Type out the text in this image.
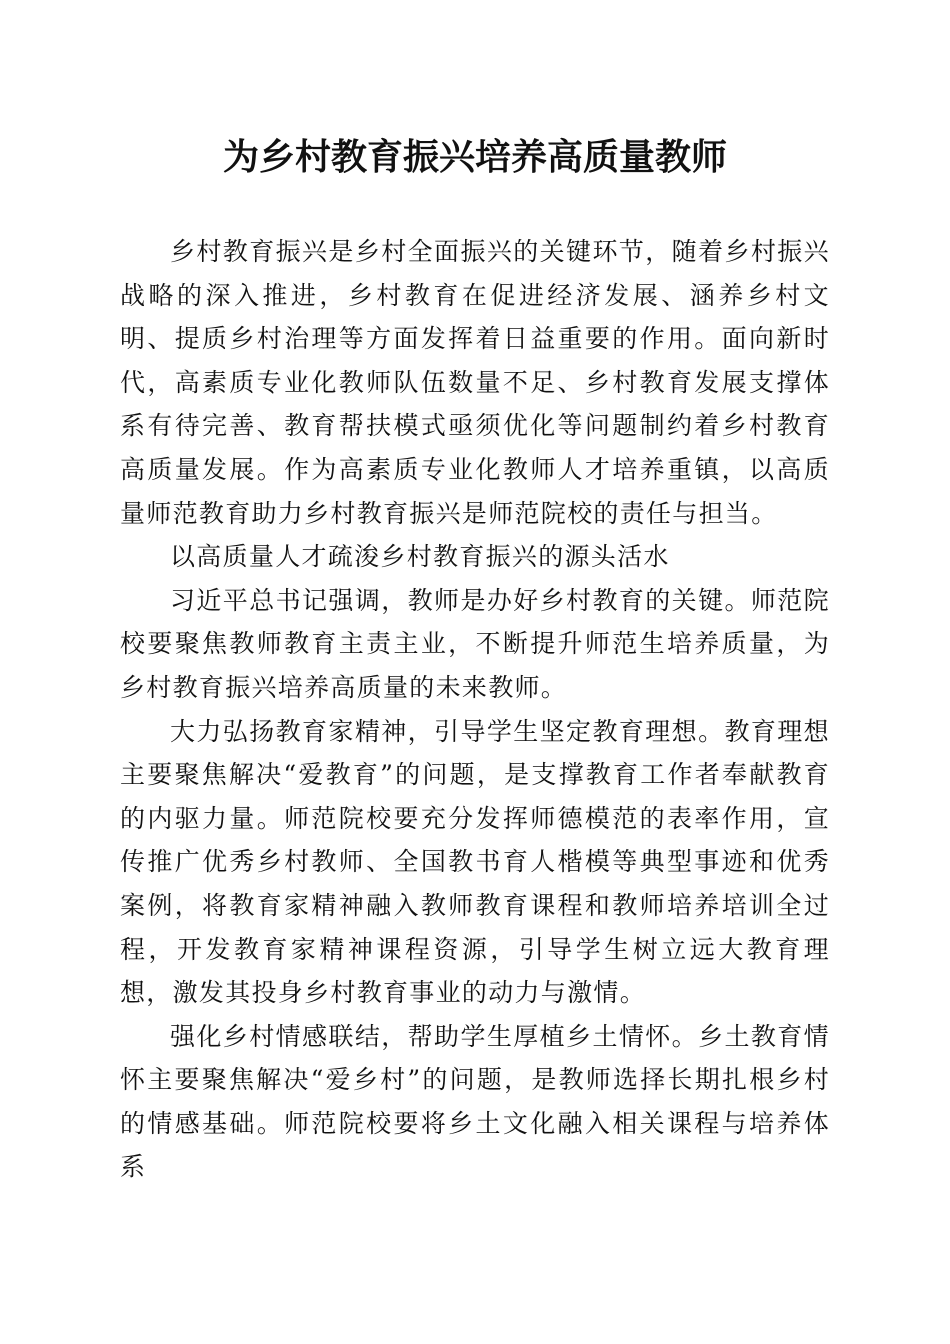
为乡村教育振兴培养高质量教师

乡村教育振兴是乡村全面振兴的关键环节，随着乡村振兴战略的深入推进，乡村教育在促进经济发展、涵养乡村文明、提质乡村治理等方面发挥着日益重要的作用。面向新时代，高素质专业化教师队伍数量不足、乡村教育发展支撑体系有待完善、教育帮扶模式亟须优化等问题制约着乡村教育高质量发展。作为高素质专业化教师人才培养重镇，以高质量师范教育助力乡村教育振兴是师范院校的责任与担当。

以高质量人才疏浚乡村教育振兴的源头活水

习近平总书记强调，教师是办好乡村教育的关键。师范院校要聚焦教师教育主责主业，不断提升师范生培养质量，为乡村教育振兴培养高质量的未来教师。

大力弘扬教育家精神，引导学生坚定教育理想。教育理想主要聚焦解决“爱教育”的问题，是支撑教育工作者奉献教育的内驱力量。师范院校要充分发挥师德模范的表率作用，宣传推广优秀乡村教师、全国教书育人楷模等典型事迹和优秀案例，将教育家精神融入教师教育课程和教师培养培训全过程，开发教育家精神课程资源，引导学生树立远大教育理想，激发其投身乡村教育事业的动力与激情。

强化乡村情感联结，帮助学生厚植乡土情怀。乡土教育情怀主要聚焦解决“爱乡村”的问题，是教师选择长期扎根乡村的情感基础。师范院校要将乡土文化融入相关课程与培养体系
